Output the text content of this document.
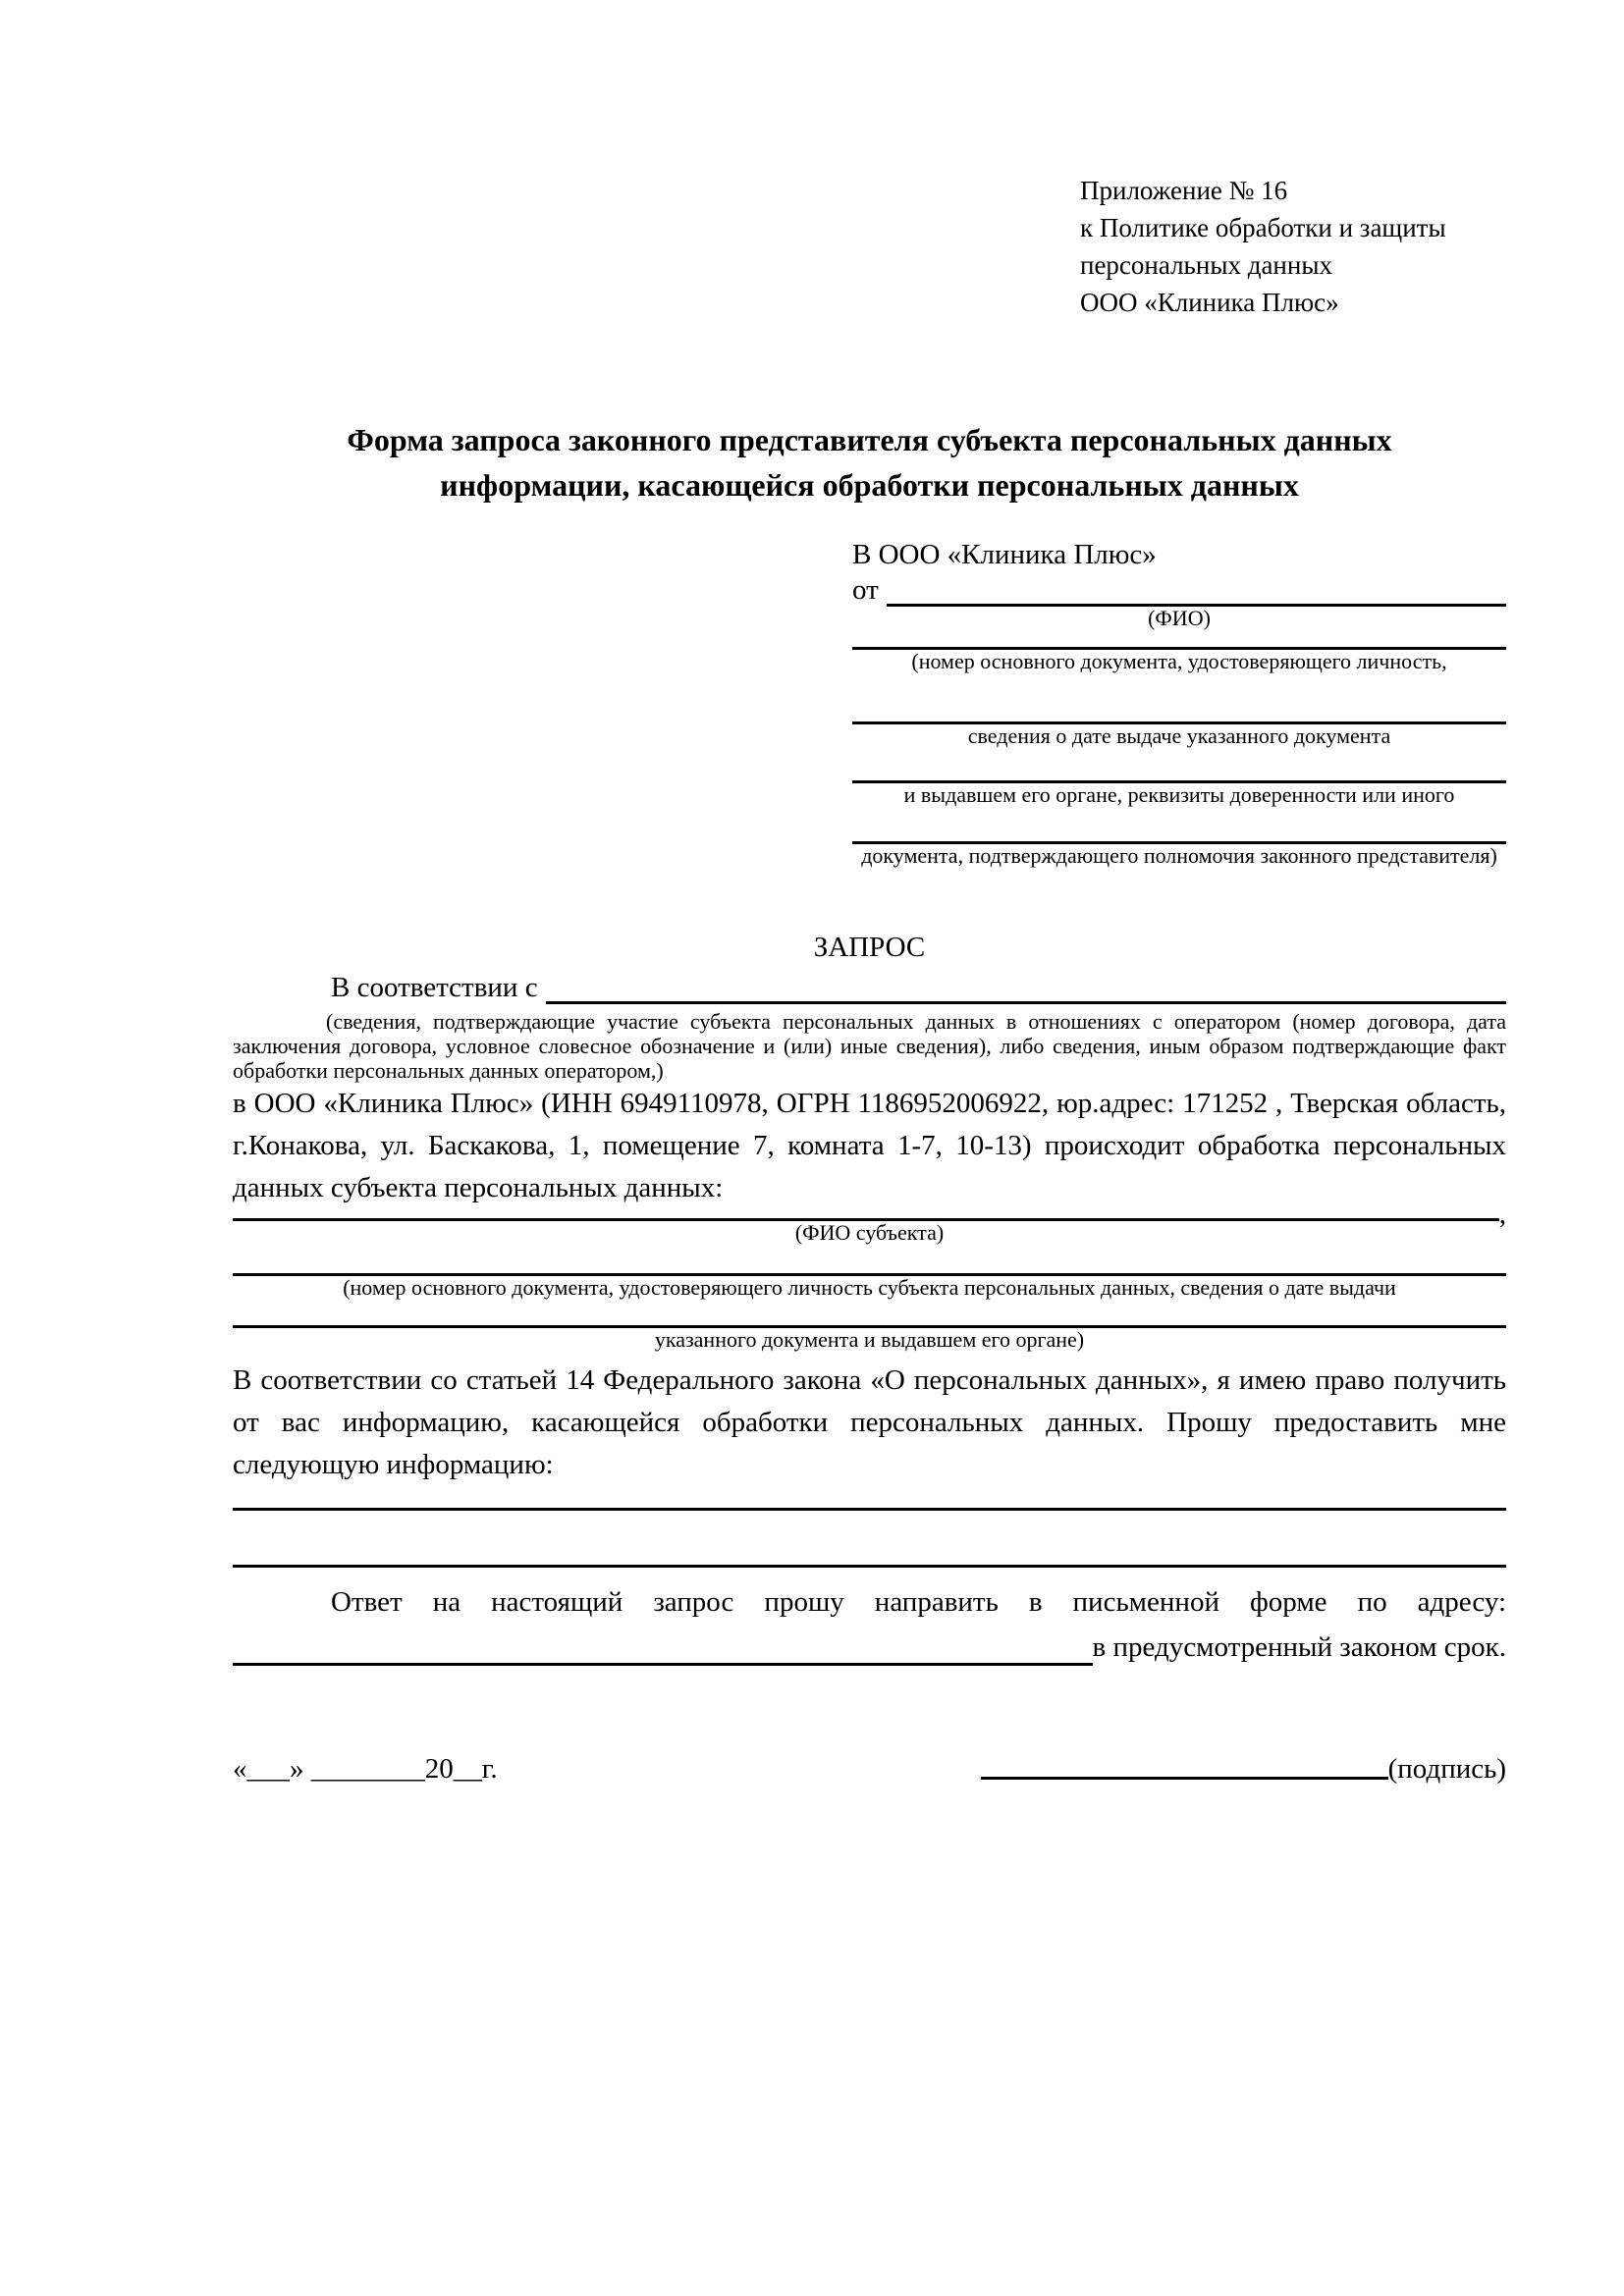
Приложение № 16
к Политике обработки и защиты
персональных данных
ООО «Клиника Плюс»
Форма запроса законного представителя субъекта персональных данных
информации, касающейся обработки персональных данных
В ООО «Клиника Плюс»
от
(ФИО)
(номер основного документа, удостоверяющего личность,
сведения о дате выдаче указанного документа
и выдавшем его органе, реквизиты доверенности или иного
документа, подтверждающего полномочия законного представителя)
ЗАПРОС
В соответствии с
(сведения, подтверждающие участие субъекта персональных данных в отношениях с оператором (номер договора, дата заключения договора, условное словесное обозначение и (или) иные сведения), либо сведения, иным образом подтверждающие факт обработки персональных данных оператором,)

в ООО «Клиника Плюс» (ИНН 6949110978, ОГРН 1186952006922, юр.адрес: 171252 , Тверская область, г.Конакова, ул. Баскакова, 1, помещение 7, комната 1-7, 10-13) происходит обработка персональных данных субъекта персональных данных:

,
(ФИО субъекта)
(номер основного документа, удостоверяющего личность субъекта персональных данных, сведения о дате выдачи
указанного документа и выдавшем его органе)

В соответствии со статьей 14 Федерального закона «О персональных данных», я имею право получить от вас информацию, касающейся обработки персональных данных. Прошу предоставить мне следующую информацию:

Ответ на настоящий запрос прошу направить в письменной форме по адресу:
в предусмотренный законом срок.
«___» ________20__г.	(подпись)
